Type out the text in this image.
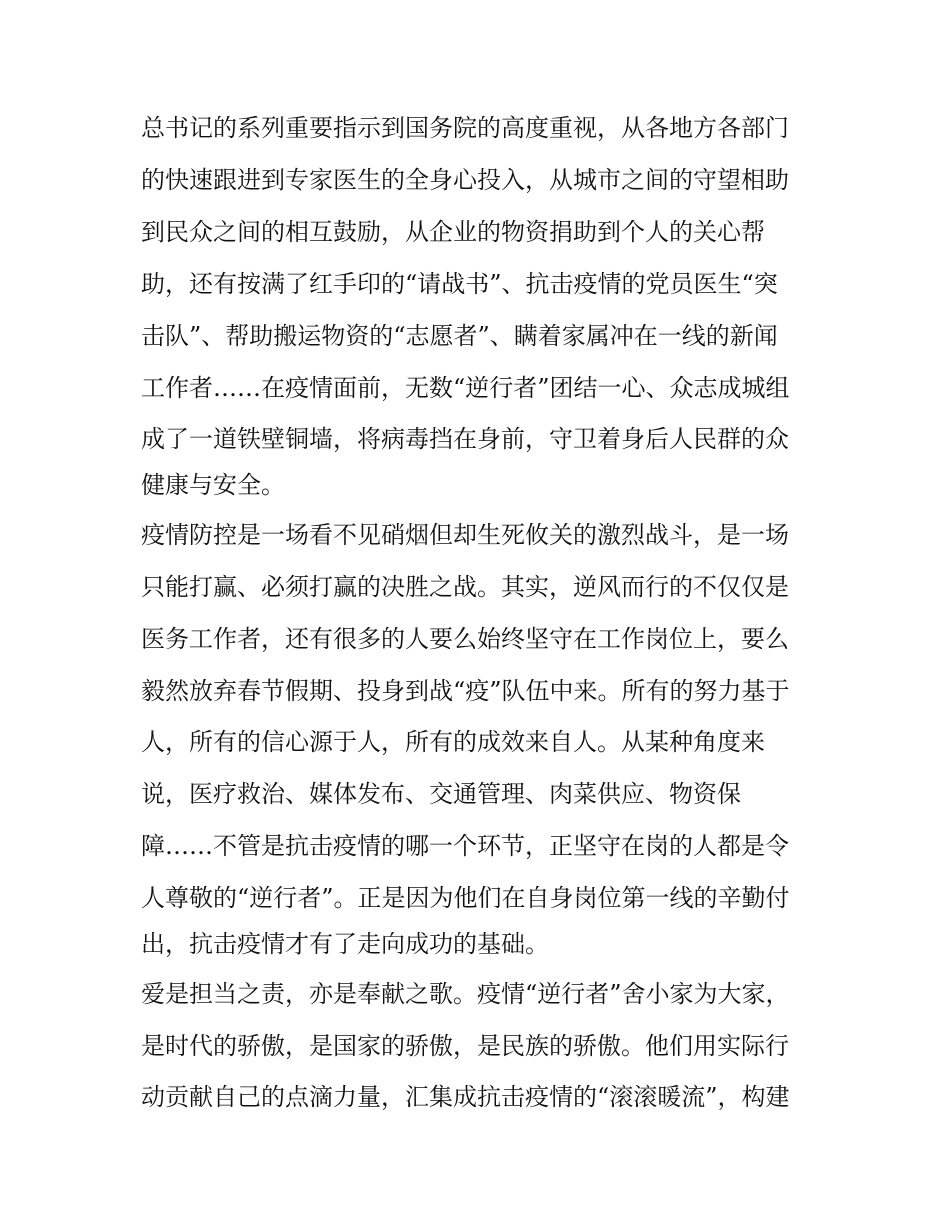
总书记的系列重要指示到国务院的高度重视，从各地方各部门
的快速跟进到专家医生的全身心投入，从城市之间的守望相助
到民众之间的相互鼓励，从企业的物资捐助到个人的关心帮
助，还有按满了红手印的“请战书”、抗击疫情的党员医生“突
击队”、帮助搬运物资的“志愿者”、瞒着家属冲在一线的新闻
工作者……在疫情面前，无数“逆行者”团结一心、众志成城组
成了一道铁壁铜墙，将病毒挡在身前，守卫着身后人民群的众
健康与安全。
疫情防控是一场看不见硝烟但却生死攸关的激烈战斗，是一场
只能打赢、必须打赢的决胜之战。其实，逆风而行的不仅仅是
医务工作者，还有很多的人要么始终坚守在工作岗位上，要么
毅然放弃春节假期、投身到战“疫”队伍中来。所有的努力基于
人，所有的信心源于人，所有的成效来自人。从某种角度来
说，医疗救治、媒体发布、交通管理、肉菜供应、物资保
障……不管是抗击疫情的哪一个环节，正坚守在岗的人都是令
人尊敬的“逆行者”。正是因为他们在自身岗位第一线的辛勤付
出，抗击疫情才有了走向成功的基础。
爱是担当之责，亦是奉献之歌。疫情“逆行者”舍小家为大家，
是时代的骄傲，是国家的骄傲，是民族的骄傲。他们用实际行
动贡献自己的点滴力量，汇集成抗击疫情的“滚滚暖流”，构建
